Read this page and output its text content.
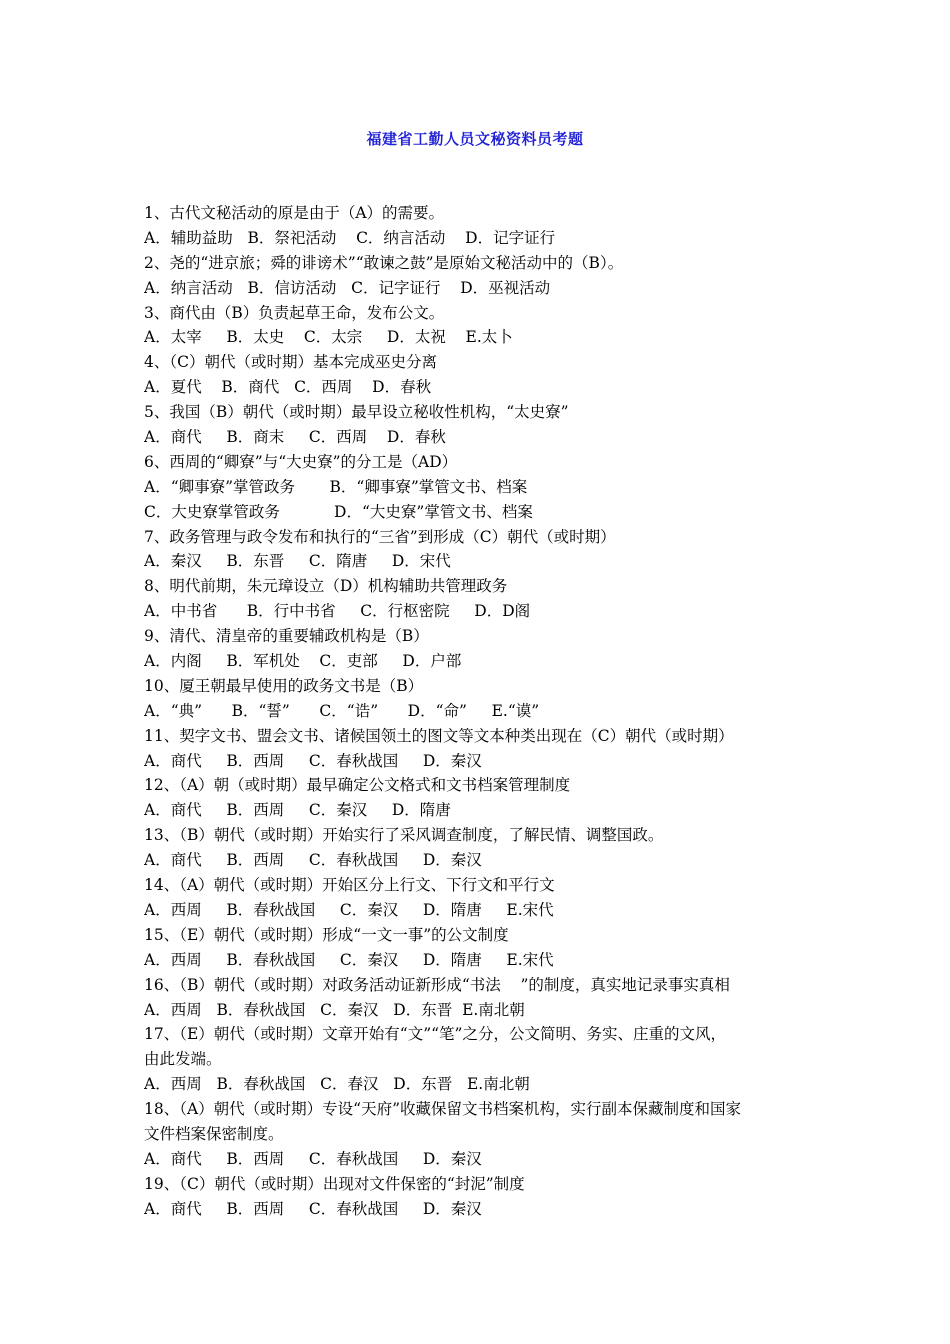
福建省工勤人员文秘资料员考题
1、古代文秘活动的原是由于（A）的需要。
A．辅助益助   B．祭祀活动    C．纳言活动    D．记字证行
2、尧的“进京旅；舜的诽谤术”“敢谏之鼓”是原始文秘活动中的（B）。
A．纳言活动   B．信访活动   C．记字证行    D．巫视活动
3、商代由（B）负责起草王命，发布公文。
A．太宰     B．太史    C．太宗     D．太祝    E.太卜
4、（C）朝代（或时期）基本完成巫史分离
A．夏代    B．商代   C．西周    D．春秋
5、我国（B）朝代（或时期）最早设立秘收性机构，“太史寮”
A．商代     B．商末     C．西周    D．春秋
6、西周的“卿寮”与“大史寮”的分工是（AD）
A．“卿事寮”掌管政务       B．“卿事寮”掌管文书、档案
C．大史寮掌管政务           D．“大史寮”掌管文书、档案
7、政务管理与政令发布和执行的“三省”到形成（C）朝代（或时期）
A．秦汉     B．东晋     C．隋唐     D．宋代
8、明代前期，朱元璋设立（D）机构辅助共管理政务
A．中书省      B．行中书省     C．行枢密院     D．D阁
9、清代、清皇帝的重要辅政机构是（B）
A．内阁     B．军机处    C．吏部     D．户部
10、厦王朝最早使用的政务文书是（B）
A．“典”      B．“誓”      C．“诰”      D．“命”     E.“谟”
11、契字文书、盟会文书、诸候国领土的图文等文本种类出现在（C）朝代（或时期）
A．商代     B．西周     C．春秋战国     D．秦汉
12、（A）朝（或时期）最早确定公文格式和文书档案管理制度
A．商代     B．西周     C．秦汉     D．隋唐
13、（B）朝代（或时期）开始实行了采风调查制度，了解民情、调整国政。
A．商代     B．西周     C．春秋战国     D．秦汉
14、（A）朝代（或时期）开始区分上行文、下行文和平行文
A．西周     B．春秋战国     C．秦汉     D．隋唐     E.宋代
15、（E）朝代（或时期）形成“一文一事”的公文制度
A．西周     B．春秋战国     C．秦汉     D．隋唐     E.宋代
16、（B）朝代（或时期）对政务活动证新形成“书法    ”的制度，真实地记录事实真相
A．西周   B．春秋战国   C．秦汉   D．东晋  E.南北朝
17、（E）朝代（或时期）文章开始有“文”“笔”之分，公文简明、务实、庄重的文风，
由此发端。
A．西周   B．春秋战国   C．春汉   D．东晋   E.南北朝
18、（A）朝代（或时期）专设“天府”收藏保留文书档案机构，实行副本保藏制度和国家
文件档案保密制度。
A．商代     B．西周     C．春秋战国     D．秦汉
19、（C）朝代（或时期）出现对文件保密的“封泥”制度
A．商代     B．西周     C．春秋战国     D．秦汉
